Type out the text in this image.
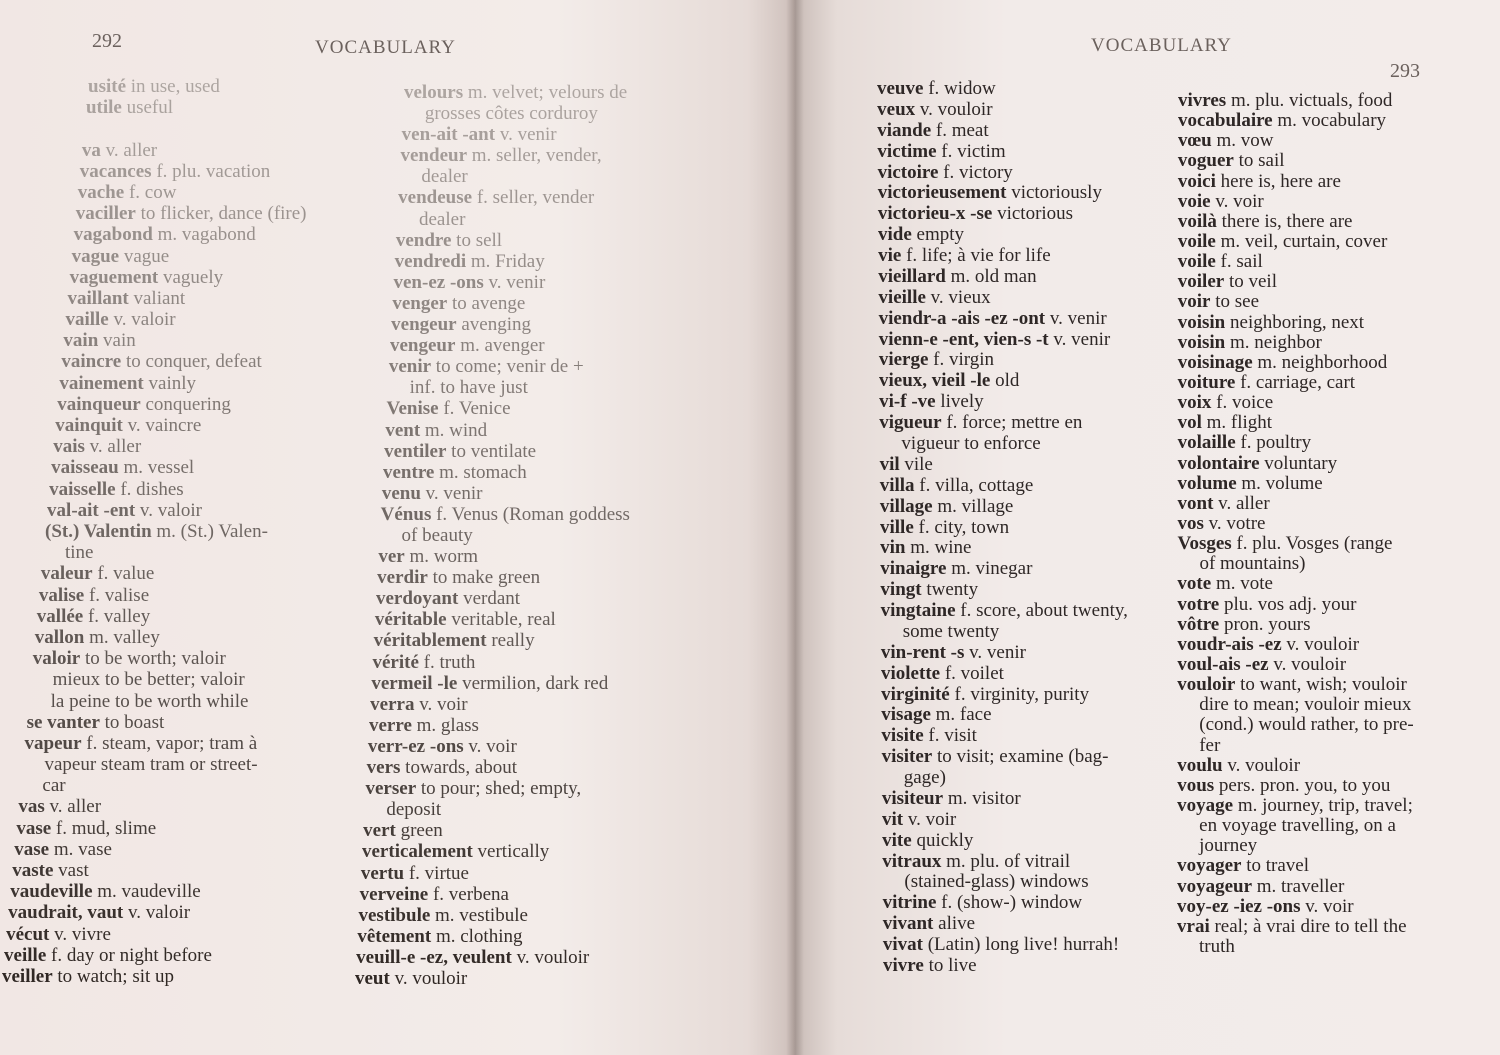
292	VOCABULARY
usité in use, used
utile useful
va v. aller
vacances f. plu. vacation
vache f. cow
vaciller to flicker, dance (fire)
vagabond m. vagabond
vague vague
vaguement vaguely
vaillant valiant
vaille v. valoir
vain vain
vaincre to conquer, defeat
vainement vainly
vainqueur conquering
vainquit v. vaincre
vais v. aller
vaisseau m. vessel
vaisselle f. dishes
val-ait -ent v. valoir
(St.) Valentin m. (St.) Valen-
tine
valeur f. value
valise f. valise
vallée f. valley
vallon m. valley
valoir to be worth; valoir
mieux to be better; valoir
la peine to be worth while
se vanter to boast
vapeur f. steam, vapor; tram à
vapeur steam tram or street-
car
vas v. aller
vase f. mud, slime
vase m. vase
vaste vast
vaudeville m. vaudeville
vaudrait, vaut v. valoir
vécut v. vivre
veille f. day or night before
veiller to watch; sit up
velours m. velvet; velours de
grosses côtes corduroy
ven-ait -ant v. venir
vendeur m. seller, vender,
dealer
vendeuse f. seller, vender
dealer
vendre to sell
vendredi m. Friday
ven-ez -ons v. venir
venger to avenge
vengeur avenging
vengeur m. avenger
venir to come; venir de +
inf. to have just
Venise f. Venice
vent m. wind
ventiler to ventilate
ventre m. stomach
venu v. venir
Vénus f. Venus (Roman goddess
of beauty
ver m. worm
verdir to make green
verdoyant verdant
véritable veritable, real
véritablement really
vérité f. truth
vermeil -le vermilion, dark red
verra v. voir
verre m. glass
verr-ez -ons v. voir
vers towards, about
verser to pour; shed; empty,
deposit
vert green
verticalement vertically
vertu f. virtue
verveine f. verbena
vestibule m. vestibule
vêtement m. clothing
veuill-e -ez, veulent v. vouloir
veut v. vouloir
VOCABULARY
293
veuve f. widow
veux v. vouloir
viande f. meat
victime f. victim
victoire f. victory
victorieusement victoriously
victorieu-x -se victorious
vide empty
vie f. life; à vie for life
vieillard m. old man
vieille v. vieux
viendr-a -ais -ez -ont v. venir
vienn-e -ent, vien-s -t v. venir
vierge f. virgin
vieux, vieil -le old
vi-f -ve lively
vigueur f. force; mettre en
vigueur to enforce
vil vile
villa f. villa, cottage
village m. village
ville f. city, town
vin m. wine
vinaigre m. vinegar
vingt twenty
vingtaine f. score, about twenty,
some twenty
vin-rent -s v. venir
violette f. voilet
virginité f. virginity, purity
visage m. face
visite f. visit
visiter to visit; examine (bag-
gage)
visiteur m. visitor
vit v. voir
vite quickly
vitraux m. plu. of vitrail
(stained-glass) windows
vitrine f. (show-) window
vivant alive
vivat (Latin) long live! hurrah!
vivre to live
vivres m. plu. victuals, food
vocabulaire m. vocabulary
vœu m. vow
voguer to sail
voici here is, here are
voie v. voir
voilà there is, there are
voile m. veil, curtain, cover
voile f. sail
voiler to veil
voir to see
voisin neighboring, next
voisin m. neighbor
voisinage m. neighborhood
voiture f. carriage, cart
voix f. voice
vol m. flight
volaille f. poultry
volontaire voluntary
volume m. volume
vont v. aller
vos v. votre
Vosges f. plu. Vosges (range
of mountains)
vote m. vote
votre plu. vos adj. your
vôtre pron. yours
voudr-ais -ez v. vouloir
voul-ais -ez v. vouloir
vouloir to want, wish; vouloir
dire to mean; vouloir mieux
(cond.) would rather, to pre-
fer
voulu v. vouloir
vous pers. pron. you, to you
voyage m. journey, trip, travel;
en voyage travelling, on a
journey
voyager to travel
voyageur m. traveller
voy-ez -iez -ons v. voir
vrai real; à vrai dire to tell the
truth
